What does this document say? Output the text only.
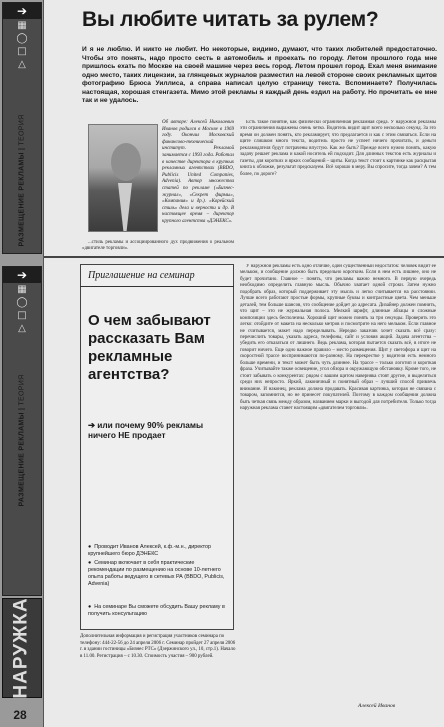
➔
▦
◯
□
△
РАЗМЕЩЕНИЕ РЕКЛАМЫ | ТЕОРИЯ
➔
▦
◯
□
△
РАЗМЕЩЕНИЕ РЕКЛАМЫ | ТЕОРИЯ
НАРУЖКА
28
Вы любите читать за рулем?
И я не люблю. И никто не любит. Но некоторые, видимо, думают, что таких любителей предостаточно. Чтобы это понять, надо просто сесть в автомобиль и проехать по городу. Летом прошлого года мне пришлось ехать по Москве на своей машине через весь город. Летом прошел город. Ехал меня внимание одно место, таких лицензии, за глянцевых журналов разместил на левой стороне своих рекламных щитов фотографию Брюса Уиллиса, а справа написал целую страницу текста. Вспоминаете? Получилась настоящая, хорошая стенгазета. Мимо этой рекламы я каждый день ездил на работу. Но прочитать ее мне так и не удалось.
Об авторе: Алексей Николаевич Иванов родился в Москве в 1969 году. Окончил Московский финансово-технический институт. Рекламой занимается с 1993 года. Работал в качестве директора в крупных рекламных агентствах (BBDO, Publicis United Companies, Advenia). Автор множества статей по рекламе («Бизнес-журнал», «Секрет фирмы», «Компания» и др.). «Корейский стиль» дела и верности и др. В настоящее время – директор крупного агентства «ДЭНЕКС».

...стиль рекламы и ассоциированного дух продвижения о реальном «двигателе торговли».

Есть такое понятие, как физически ограниченная рекламная среда. У наружной рекламы эти ограничения выражены очень четко. Водитель видит щит всего несколько секунд. За это время он должен понять, кто рекламирует, что предлагается и как с этим связаться. Если на щите слишком много текста, водитель просто не успеет ничего прочитать, и деньги рекламодателя будут потрачены впустую. Как же быть? Прежде всего нужно понять, какую задачу решает реклама и какой носитель ей подходит. Для длинных текстов есть журналы и газеты, для коротких и ярких сообщений – щиты. Когда текст стоит к картинке как раскрытая книга к обложке, результат предсказуем. Всё хорошо в меру. Вы спросите, тогда зачем? А тем более, по дороге?

У наружной рекламы есть одно отличие, один существенный недостаток: человек видит ее мельком, и сообщение должно быть предельно коротким. Если в нем есть лишнее, оно не будет прочитано. Главное – понять, что рекламы важно немного. В первую очередь необходимо определить главную мысль. Обычно хватает одной строки. Затем нужно подобрать образ, который поддерживает эту мысль и легко считывается на расстоянии. Лучше всего работают простые формы, крупные буквы и контрастные цвета. Чем меньше деталей, тем больше шансов, что сообщение дойдет до адресата. Дизайнер должен помнить, что щит – это не журнальная полоса. Мелкий шрифт, длинные абзацы и сложные композиции здесь бесполезны. Хороший щит можно понять за три секунды. Проверить это легко: отойдите от макета на несколько метров и посмотрите на него мельком. Если главное не считывается, макет надо переделывать. Нередко заказчик хочет сказать всё сразу: перечислить товары, указать адреса, телефоны, сайт и условия акций. Задача агентства – убедить его отказаться от лишнего. Ведь реклама, которая пытается сказать всё, в итоге не говорит ничего. Еще одно важное правило – место размещения. Щит у светофора и щит на скоростной трассе воспринимаются по-разному. На перекрестке у водителя есть немного больше времени, и текст может быть чуть длиннее. На трассе – только логотип и короткая фраза. Учитывайте также освещение, угол обзора и окружающую обстановку. Кроме того, не стоит забывать о конкурентах: рядом с вашим щитом наверняка стоят другие, и выделиться среди них непросто. Яркий, лаконичный и понятный образ – лучший способ привлечь внимание. И наконец, реклама должна продавать. Красивая картинка, которая не связана с товаром, запомнится, но не принесет покупателей. Поэтому в каждом сообщении должна быть четкая связь между образом, названием марки и выгодой для потребителя. Только тогда наружная реклама станет настоящим «двигателем торговли».

Приглашение на семинар
О чем забывают рассказать Вам рекламные агентства?
➔ или почему 90% рекламы ничего НЕ продает
● Проводит Иванов Алексей, к.ф.-м.н., директор крупнейшего бюро ДЭНЕКС
● Семинар включает в себя практические рекомендации по размещению на основе 10-летнего опыта работы ведущего в сетевых РА (BBDO, Publicis, Advenia)
● На семинаре Вы сможете обсудить Вашу рекламу в получить консультацию
Дополнительная информация и регистрация участников семинара по телефону: 444-22-56 до 24 апреля 2006 г. Семинар пройдет 27 апреля 2006 г. в здании гостиницы «Бизнес РТС» (Дзержинского ул., 10, стр.1). Начало в 11.00. Регистрация – с 10.30. Стоимость участия – 900 рублей.
Алексей Иванов
